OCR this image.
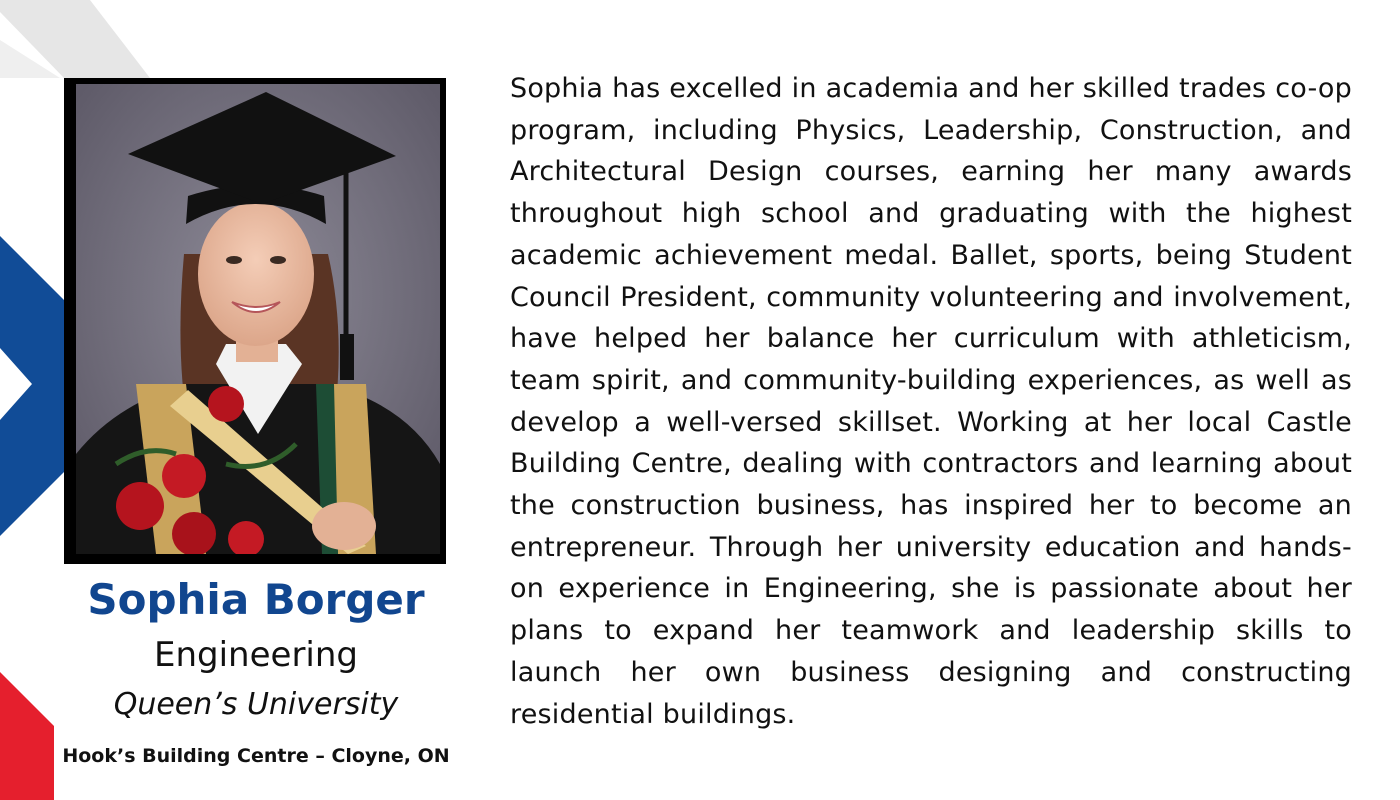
Sophia Borger
Engineering
Queen’s University
Hook’s Building Centre – Cloyne, ON

Sophia has excelled in academia and her skilled trades co-op program, including Physics, Leadership, Construction, and Architectural Design courses, earning her many awards throughout high school and graduating with the highest academic achievement medal. Ballet, sports, being Student Council President, community volunteering and involvement, have helped her balance her curriculum with athleticism, team spirit, and community-building experiences, as well as develop a well-versed skillset. Working at her local Castle Building Centre, dealing with contractors and learning about the construction business, has inspired her to become an entrepreneur. Through her university education and hands-on experience in Engineering, she is passionate about her plans to expand her teamwork and leadership skills to launch her own business designing and constructing residential buildings.
